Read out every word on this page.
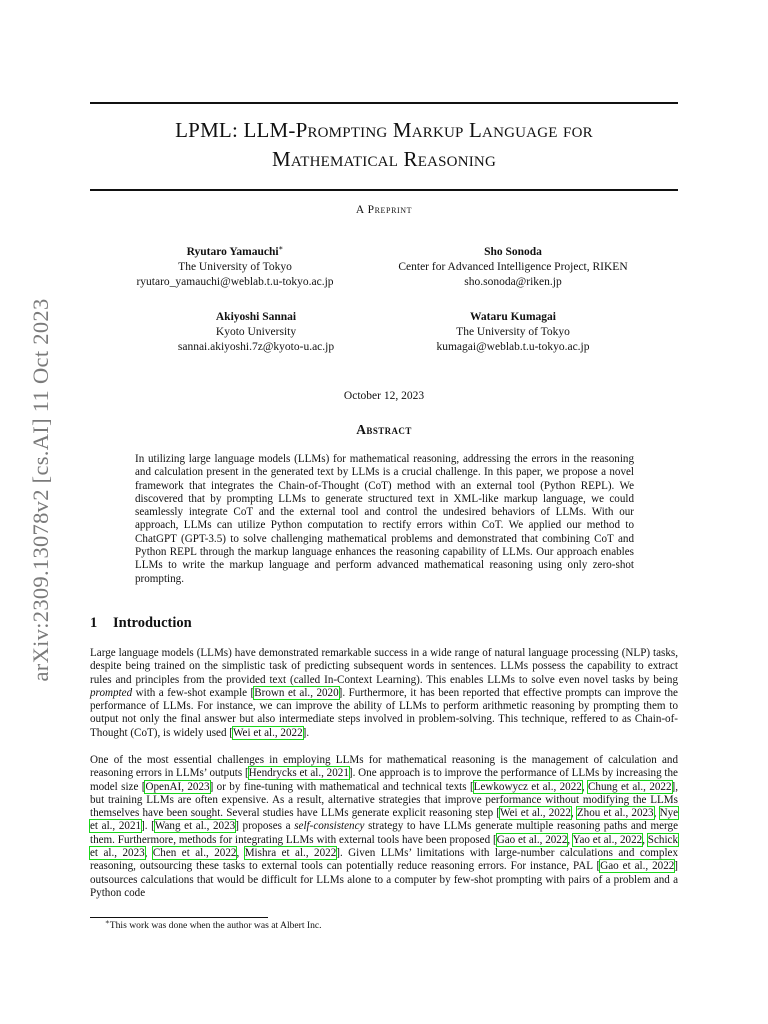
arXiv:2309.13078v2 [cs.AI] 11 Oct 2023
LPML: LLM-Prompting Markup Language for
Mathematical Reasoning
A Preprint
Ryutaro Yamauchi∗
The University of Tokyo
ryutaro_yamauchi@weblab.t.u-tokyo.ac.jp
Sho Sonoda
Center for Advanced Intelligence Project, RIKEN
sho.sonoda@riken.jp
Akiyoshi Sannai
Kyoto University
sannai.akiyoshi.7z@kyoto-u.ac.jp
Wataru Kumagai
The University of Tokyo
kumagai@weblab.t.u-tokyo.ac.jp
October 12, 2023
Abstract
In utilizing large language models (LLMs) for mathematical reasoning, addressing the errors in the reasoning and calculation present in the generated text by LLMs is a crucial challenge. In this paper, we propose a novel framework that integrates the Chain-of-Thought (CoT) method with an external tool (Python REPL). We discovered that by prompting LLMs to generate structured text in XML-like markup language, we could seamlessly integrate CoT and the external tool and control the undesired behaviors of LLMs. With our approach, LLMs can utilize Python computation to rectify errors within CoT. We applied our method to ChatGPT (GPT-3.5) to solve challenging mathematical problems and demonstrated that combining CoT and Python REPL through the markup language enhances the reasoning capability of LLMs. Our approach enables LLMs to write the markup language and perform advanced mathematical reasoning using only zero-shot prompting.
1 Introduction
Large language models (LLMs) have demonstrated remarkable success in a wide range of natural language processing (NLP) tasks, despite being trained on the simplistic task of predicting subsequent words in sentences. LLMs possess the capability to extract rules and principles from the provided text (called In-Context Learning). This enables LLMs to solve even novel tasks by being prompted with a few-shot example [Brown et al., 2020]. Furthermore, it has been reported that effective prompts can improve the performance of LLMs. For instance, we can improve the ability of LLMs to perform arithmetic reasoning by prompting them to output not only the final answer but also intermediate steps involved in problem-solving. This technique, reffered to as Chain-of-Thought (CoT), is widely used [Wei et al., 2022].
One of the most essential challenges in employing LLMs for mathematical reasoning is the management of calculation and reasoning errors in LLMs’ outputs [Hendrycks et al., 2021]. One approach is to improve the performance of LLMs by increasing the model size [OpenAI, 2023] or by fine-tuning with mathematical and technical texts [Lewkowycz et al., 2022, Chung et al., 2022], but training LLMs are often expensive. As a result, alternative strategies that improve performance without modifying the LLMs themselves have been sought. Several studies have LLMs generate explicit reasoning step [Wei et al., 2022, Zhou et al., 2023, Nye et al., 2021]. [Wang et al., 2023] proposes a self-consistency strategy to have LLMs generate multiple reasoning paths and merge them. Furthermore, methods for integrating LLMs with external tools have been proposed [Gao et al., 2022, Yao et al., 2022, Schick et al., 2023, Chen et al., 2022, Mishra et al., 2022]. Given LLMs’ limitations with large-number calculations and complex reasoning, outsourcing these tasks to external tools can potentially reduce reasoning errors. For instance, PAL [Gao et al., 2022] outsources calculations that would be difficult for LLMs alone to a computer by few-shot prompting with pairs of a problem and a Python code
∗This work was done when the author was at Albert Inc.
